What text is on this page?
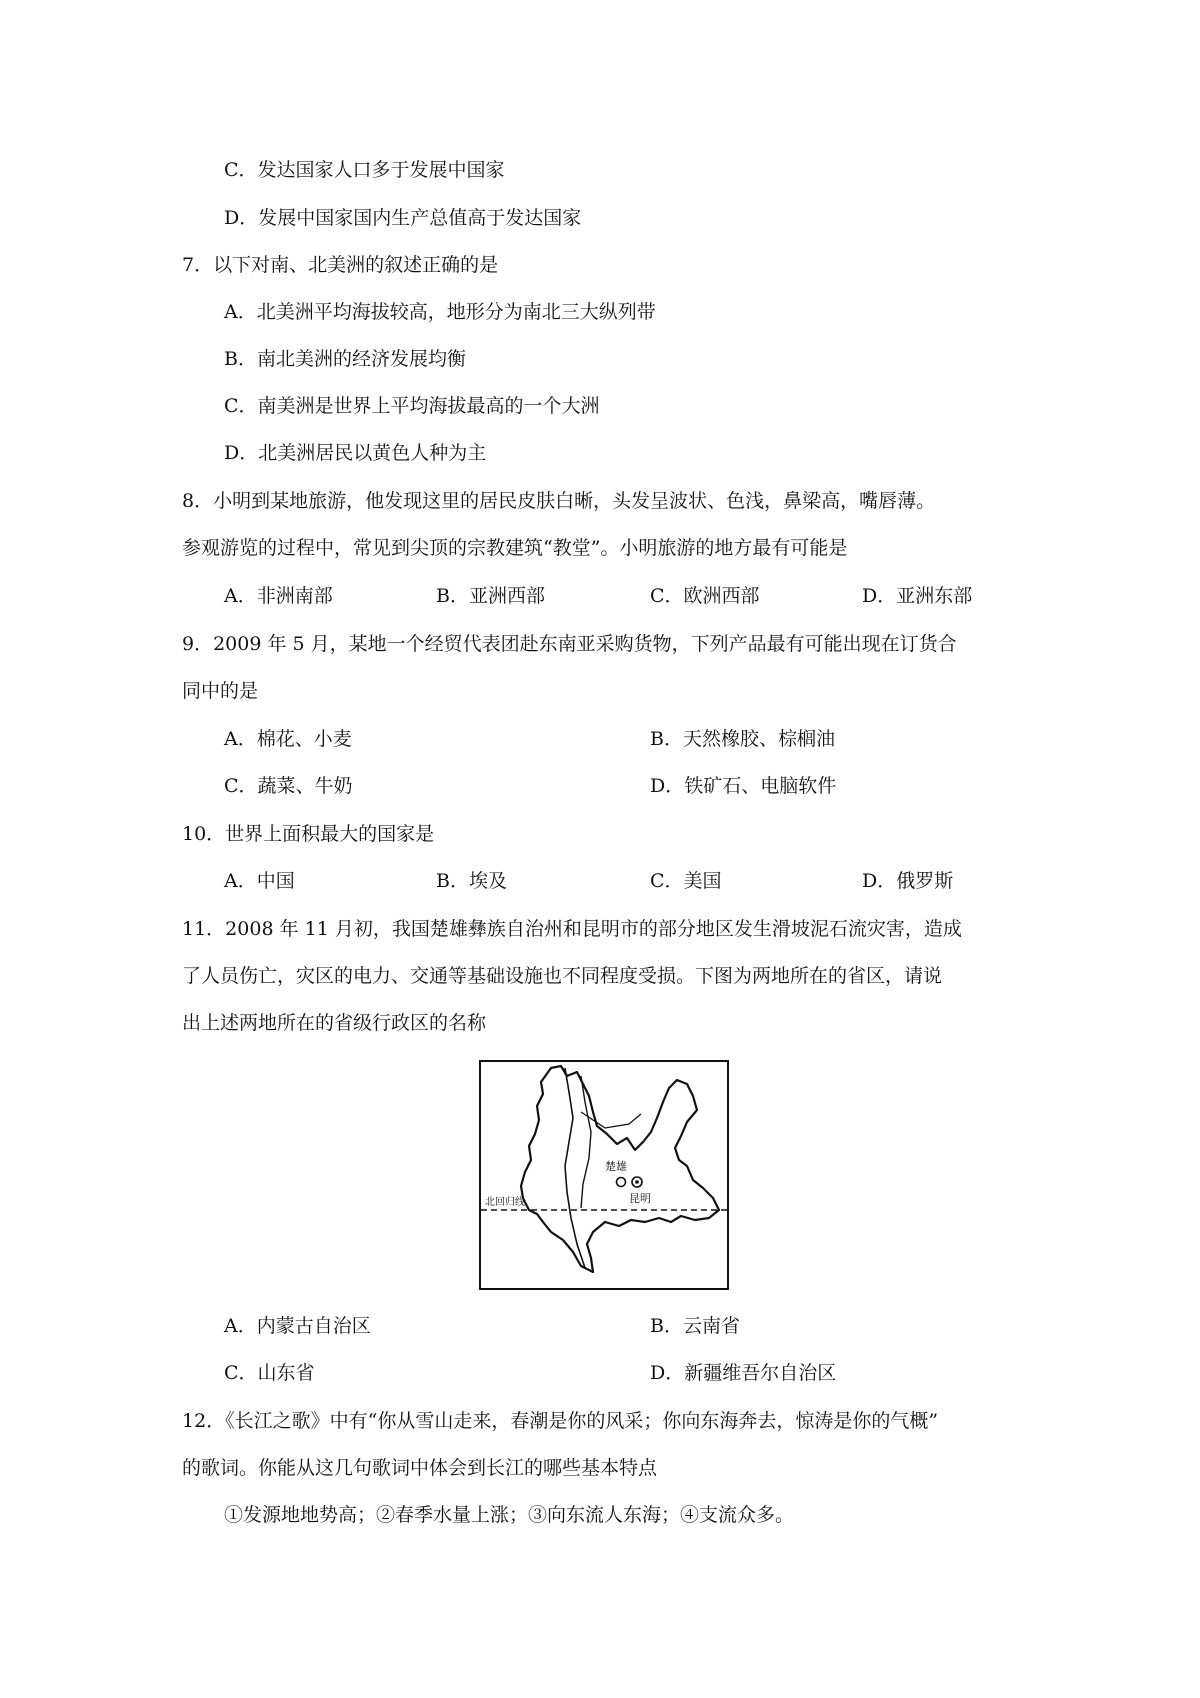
C．发达国家人口多于发展中国家
D．发展中国家国内生产总值高于发达国家
7．以下对南、北美洲的叙述正确的是
A．北美洲平均海拔较高，地形分为南北三大纵列带
B．南北美洲的经济发展均衡
C．南美洲是世界上平均海拔最高的一个大洲
D．北美洲居民以黄色人种为主
8．小明到某地旅游，他发现这里的居民皮肤白晰，头发呈波状、色浅，鼻梁高，嘴唇薄。
参观游览的过程中，常见到尖顶的宗教建筑“教堂”。小明旅游的地方最有可能是
A．非洲南部	B．亚洲西部	C．欧洲西部	D．亚洲东部
9．2009 年 5 月，某地一个经贸代表团赴东南亚采购货物，下列产品最有可能出现在订货合
同中的是
A．棉花、小麦	B．天然橡胶、棕榈油
C．蔬菜、牛奶	D．铁矿石、电脑软件
10．世界上面积最大的国家是
A．中国	B．埃及	C．美国	D．俄罗斯
11．2008 年 11 月初，我国楚雄彝族自治州和昆明市的部分地区发生滑坡泥石流灾害，造成
了人员伤亡，灾区的电力、交通等基础设施也不同程度受损。下图为两地所在的省区，请说
出上述两地所在的省级行政区的名称
楚雄
昆明
北回归线
A．内蒙古自治区	B．云南省
C．山东省	D．新疆维吾尔自治区
12．《长江之歌》中有“你从雪山走来，春潮是你的风采；你向东海奔去，惊涛是你的气概”
的歌词。你能从这几句歌词中体会到长江的哪些基本特点
①发源地地势高；②春季水量上涨；③向东流人东海；④支流众多。
